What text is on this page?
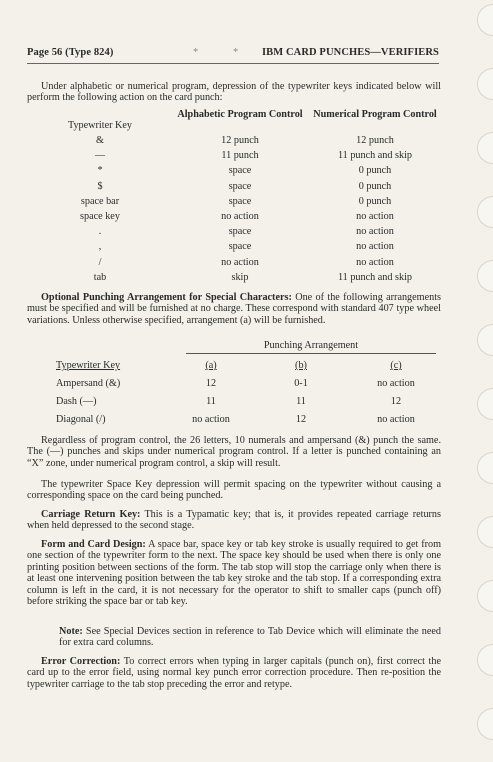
Page 56 (Type 824)	*	* IBM CARD PUNCHES—VERIFIERS

Under alphabetic or numerical program, depression of the typewriter keys indicated below will perform the following action on the card punch:

Typewriter Key
Alphabetic Program Control	Numerical Program Control
&	12 punch	12 punch
—	11 punch	11 punch and skip
*	space	0 punch
$	space	0 punch
space bar	space	0 punch
space key	no action	no action
.	space	no action
,	space	no action
/	no action	no action
tab	skip	11 punch and skip

Optional Punching Arrangement for Special Characters: One of the following arrangements must be specified and will be furnished at no charge. These correspond with standard 407 type wheel variations. Unless otherwise specified, arrangement (a) will be furnished.

Punching Arrangement
Typewriter Key	(a)	(b)	(c)
Ampersand (&)	12	0-1	no action
Dash (—)	11	11	12
Diagonal (/)	no action	12	no action

Regardless of program control, the 26 letters, 10 numerals and ampersand (&) punch the same. The (—) punches and skips under numerical program control. If a letter is punched containing an “X” zone, under numerical program control, a skip will result.

The typewriter Space Key depression will permit spacing on the typewriter without causing a corresponding space on the card being punched.

Carriage Return Key: This is a Typamatic key; that is, it provides repeated carriage returns when held depressed to the second stage.

Form and Card Design: A space bar, space key or tab key stroke is usually required to get from one section of the typewriter form to the next. The space key should be used when there is only one printing position between sections of the form. The tab stop will stop the carriage only when there is at least one intervening position between the tab key stroke and the tab stop. If a corresponding extra column is left in the card, it is not necessary for the operator to shift to smaller caps (punch off) before striking the space bar or tab key.

Note: See Special Devices section in reference to Tab Device which will eliminate the need for extra card columns.

Error Correction: To correct errors when typing in larger capitals (punch on), first correct the card up to the error field, using normal key punch error correction procedure. Then re-position the typewriter carriage to the tab stop preceding the error and retype.
